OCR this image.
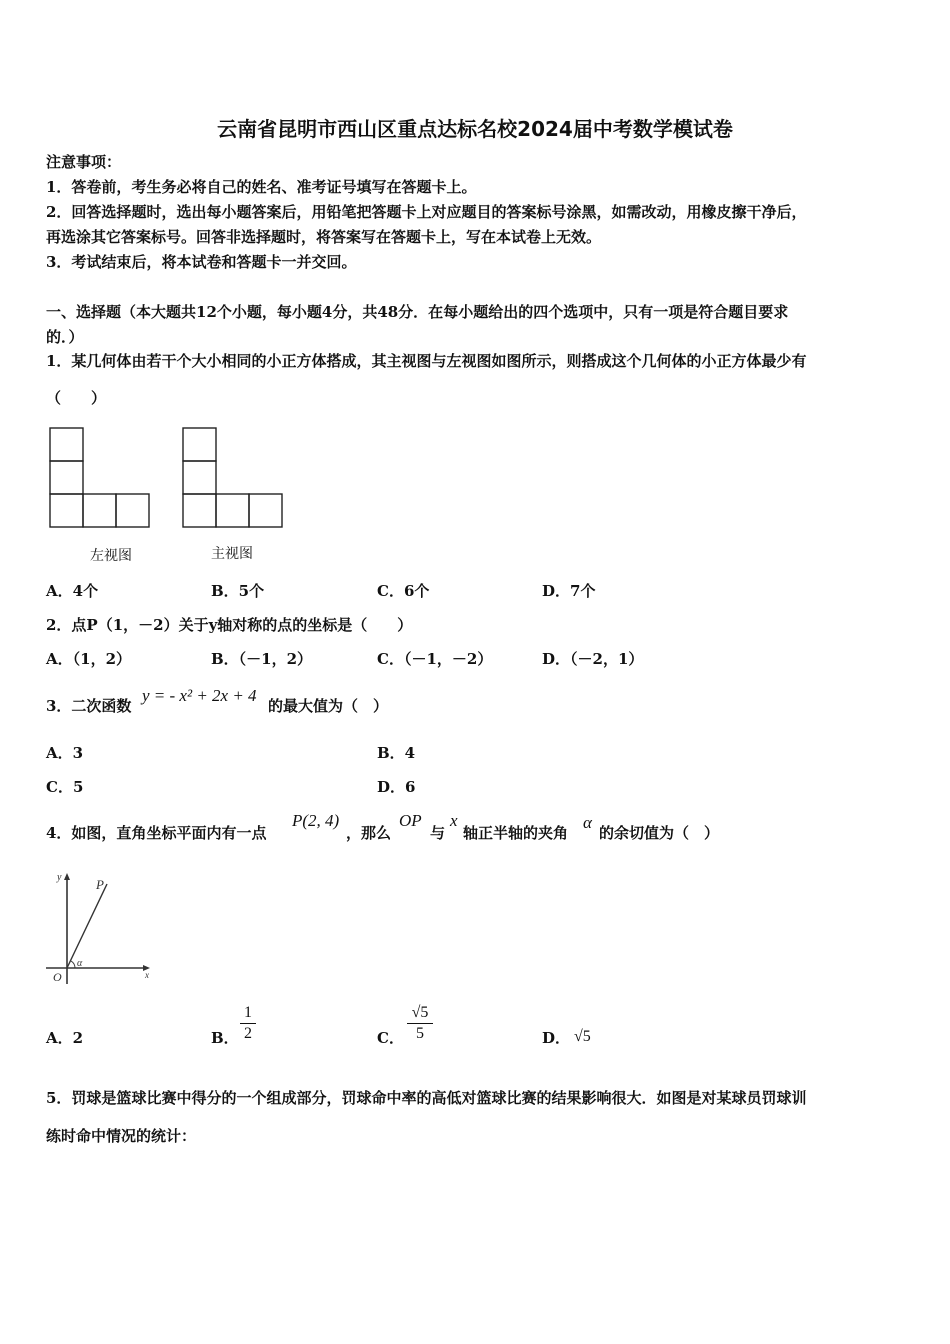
云南省昆明市西山区重点达标名校2024届中考数学模试卷
注意事项：
1．答卷前，考生务必将自己的姓名、准考证号填写在答题卡上。
2．回答选择题时，选出每小题答案后，用铅笔把答题卡上对应题目的答案标号涂黑，如需改动，用橡皮擦干净后，
再选涂其它答案标号。回答非选择题时，将答案写在答题卡上，写在本试卷上无效。
3．考试结束后，将本试卷和答题卡一并交回。
一、选择题（本大题共12个小题，每小题4分，共48分．在每小题给出的四个选项中，只有一项是符合题目要求
的．）
1．某几何体由若干个大小相同的小正方体搭成，其主视图与左视图如图所示，则搭成这个几何体的小正方体最少有
（　　）
左视图	主视图
A．4个	B．5个	C．6个	D．7个
2．点P（1，－2）关于y轴对称的点的坐标是（　　）
A．（1，2）	B．（－1，2）	C．（－1，－2）	D．（－2，1）
3．二次函数
y = - x² + 2x + 4
的最大值为（　）
A．3	B．4
C．5	D．6
4．如图，直角坐标平面内有一点
P(2, 4)
，那么
OP
与
x
轴正半轴的夹角
α
的余切值为（　）
y	P
O	x
α
A．2	B．
1
2	C．
√5
5	D． √5
5．罚球是篮球比赛中得分的一个组成部分，罚球命中率的高低对篮球比赛的结果影响很大．如图是对某球员罚球训
练时命中情况的统计：
